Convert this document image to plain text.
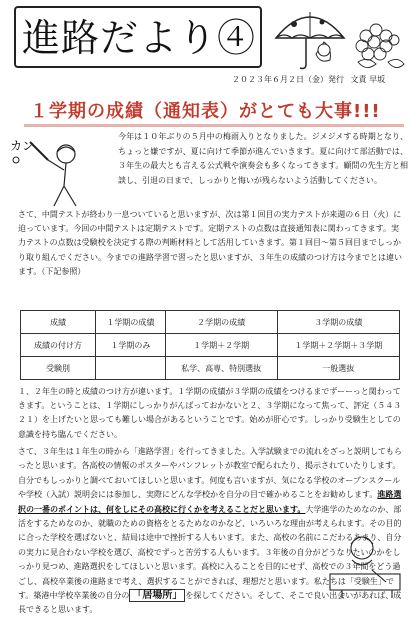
進路だより④
２０２３年６月２日（金）発行 文責 早坂
１学期の成績（通知表）がとても大事!!!
カン
今年は１０年ぶりの５月中の梅雨入りとなりました。ジメジメする時期となり、ちょっと嫌ですが、夏に向けて季節が進んでいきます。夏に向けて部活動では、３年生の最大とも言える公式戦や演奏会も多くなってきます。顧問の先生方と相談し、引退の日まで、しっかりと悔いが残らないよう活動してください。
さて、中間テストが終わり一息ついていると思いますが、次は第１回目の実力テストが来週の６日（火）に迫っています。今回の中間テストは定期テストです。定期テストの点数は直接通知表に関わってきます。実力テストの点数は受験校を決定する際の判断材料として活用していきます。第１回目〜第５回目までしっかり取り組んでください。今までの進路学習で習ったと思いますが、３年生の成績のつけ方は今までとは違います。（下記参照）
成績	１学期の成績	２学期の成績	３学期の成績
成績の付け方	１学期のみ	１学期＋２学期	１学期＋２学期＋３学期
受験別		私学、高専、特別選抜	一般選抜
１、２年生の時と成績のつけ方が違います。１学期の成績が３学期の成績をつけるまでずーーっと関わってきます。ということは、１学期にしっかりがんばっておかないと２、３学期になって焦って、評定（５４３２１）を上げたいと思っても難しい場合があるということです。始めが肝心です。しっかり受験生としての意識を持ち臨んでください。
さて、３年生は１年生の時から「進路学習」を行ってきました。入学試験までの流れをざっと説明してもらったと思います。各高校の情報のポスターやパンフレットが教室で配られたり、掲示されていたりします。自分でもしっかりと調べておいてほしいと思います。何度も言いますが、気になる学校のオープンスクールや学校（入試）説明会には参加し、実際にどんな学校かを自分の目で確かめることをお勧めします。進路選択の一番のポイントは、何をしにその高校に行くかを考えることだと思います。大学進学のためなのか、部活をするためなのか、就職のための資格をとるためなのかなど、いろいろな理由が考えられます。その目的に合った学校を選ばないと、結局は途中で挫折する人もいます。また、高校の名前にこだわるあまり、自分の実力に見合わない学校を選び、高校でずっと苦労する人もいます。３年後の自分がどうなりたいのかをしっかり見つめ、進路選択をしてほしいと思います。高校に入ることを目的にせず、高校での３年間をどう過ごし、高校卒業後の進路まで考え、選択することができれば、理想だと思います。私たちは「受験生」です。築港中学校卒業後の自分の 「居場所」 を探してください。そして、そこで良い出会いがあれば、成長できると思います。
